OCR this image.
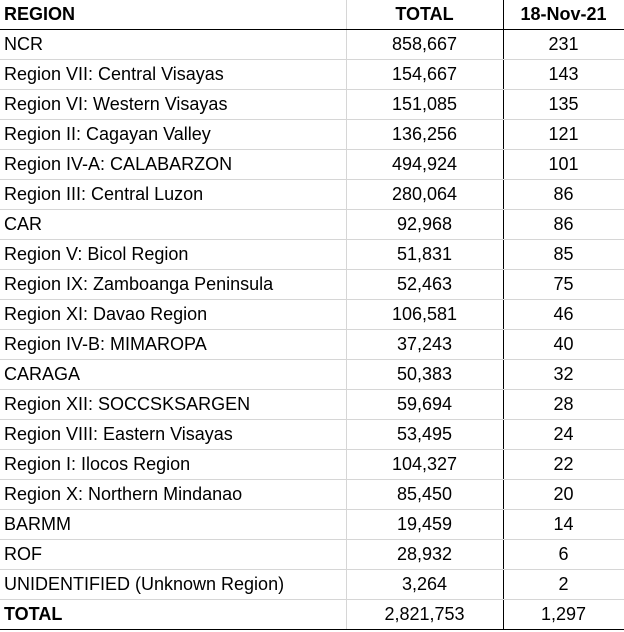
REGION	TOTAL	18-Nov-21
NCR	858,667	231
Region VII: Central Visayas	154,667	143
Region VI: Western Visayas	151,085	135
Region II: Cagayan Valley	136,256	121
Region IV-A: CALABARZON	494,924	101
Region III: Central Luzon	280,064	86
CAR	92,968	86
Region V: Bicol Region	51,831	85
Region IX: Zamboanga Peninsula	52,463	75
Region XI: Davao Region	106,581	46
Region IV-B: MIMAROPA	37,243	40
CARAGA	50,383	32
Region XII: SOCCSKSARGEN	59,694	28
Region VIII: Eastern Visayas	53,495	24
Region I: Ilocos Region	104,327	22
Region X: Northern Mindanao	85,450	20
BARMM	19,459	14
ROF	28,932	6
UNIDENTIFIED (Unknown Region)	3,264	2
TOTAL	2,821,753	1,297
